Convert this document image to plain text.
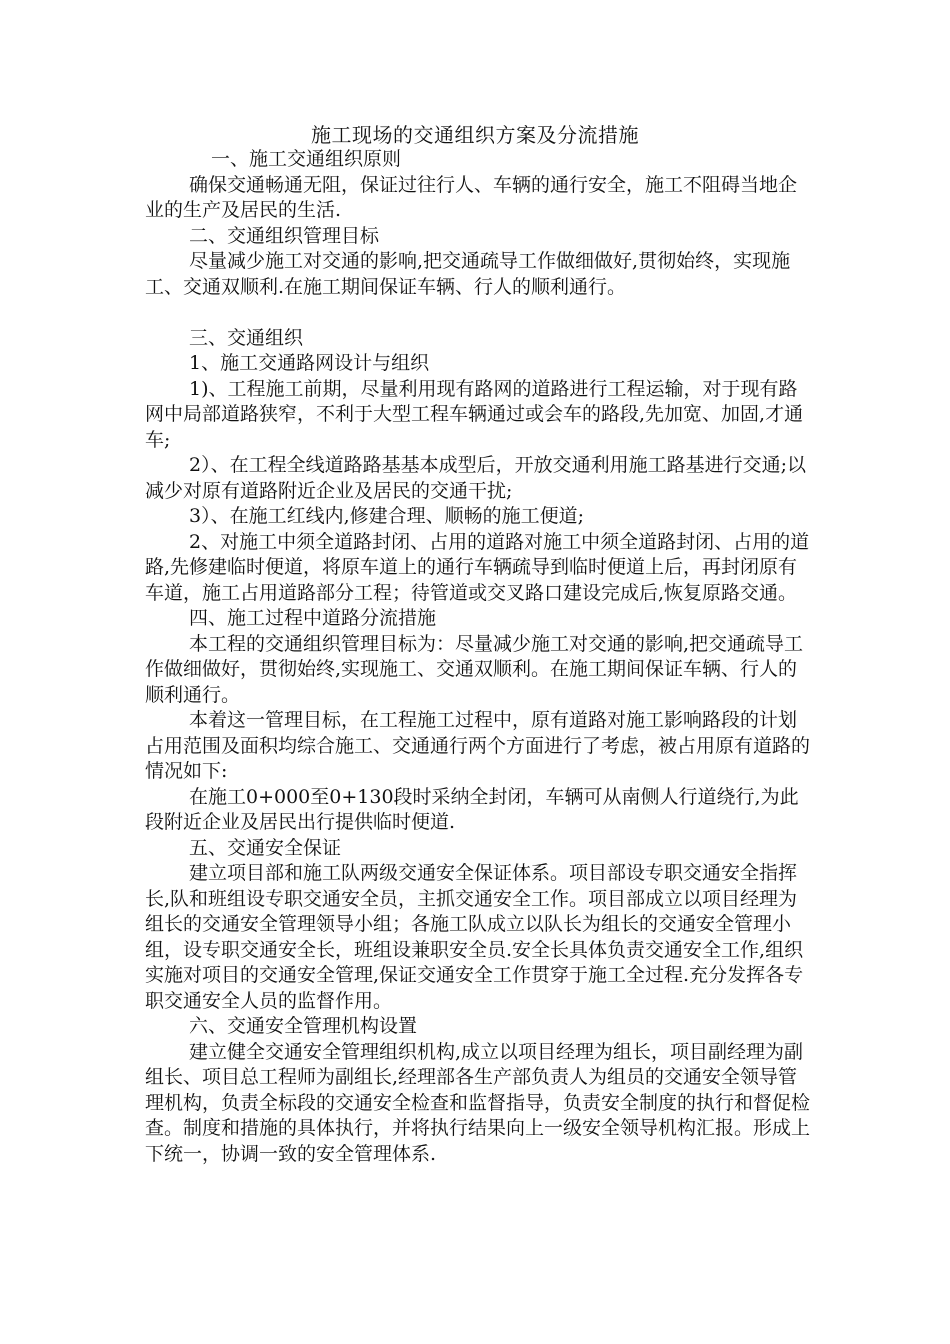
施工现场的交通组织方案及分流措施

一、施工交通组织原则

确保交通畅通无阻，保证过往行人、车辆的通行安全，施工不阻碍当地企业的生产及居民的生活.

二、交通组织管理目标

尽量减少施工对交通的影响,把交通疏导工作做细做好,贯彻始终，实现施工、交通双顺利.在施工期间保证车辆、行人的顺利通行。

三、交通组织

1、施工交通路网设计与组织

1)、工程施工前期，尽量利用现有路网的道路进行工程运输，对于现有路网中局部道路狭窄，不利于大型工程车辆通过或会车的路段,先加宽、加固,才通车;

2）、在工程全线道路路基基本成型后，开放交通利用施工路基进行交通;以减少对原有道路附近企业及居民的交通干扰;

3）、在施工红线内,修建合理、顺畅的施工便道;

2、对施工中须全道路封闭、占用的道路对施工中须全道路封闭、占用的道路,先修建临时便道，将原车道上的通行车辆疏导到临时便道上后，再封闭原有车道，施工占用道路部分工程；待管道或交叉路口建设完成后,恢复原路交通。

四、施工过程中道路分流措施

本工程的交通组织管理目标为：尽量减少施工对交通的影响,把交通疏导工作做细做好，贯彻始终,实现施工、交通双顺利。在施工期间保证车辆、行人的顺利通行。

本着这一管理目标，在工程施工过程中，原有道路对施工影响路段的计划占用范围及面积均综合施工、交通通行两个方面进行了考虑，被占用原有道路的情况如下:

在施工0+000至0+130段时采纳全封闭，车辆可从南侧人行道绕行,为此段附近企业及居民出行提供临时便道.

五、交通安全保证

建立项目部和施工队两级交通安全保证体系。项目部设专职交通安全指挥长,队和班组设专职交通安全员，主抓交通安全工作。项目部成立以项目经理为组长的交通安全管理领导小组；各施工队成立以队长为组长的交通安全管理小组，设专职交通安全长，班组设兼职安全员.安全长具体负责交通安全工作,组织实施对项目的交通安全管理,保证交通安全工作贯穿于施工全过程.充分发挥各专职交通安全人员的监督作用。

六、交通安全管理机构设置

建立健全交通安全管理组织机构,成立以项目经理为组长，项目副经理为副组长、项目总工程师为副组长,经理部各生产部负责人为组员的交通安全领导管理机构，负责全标段的交通安全检查和监督指导，负责安全制度的执行和督促检查。制度和措施的具体执行，并将执行结果向上一级安全领导机构汇报。形成上下统一，协调一致的安全管理体系.
